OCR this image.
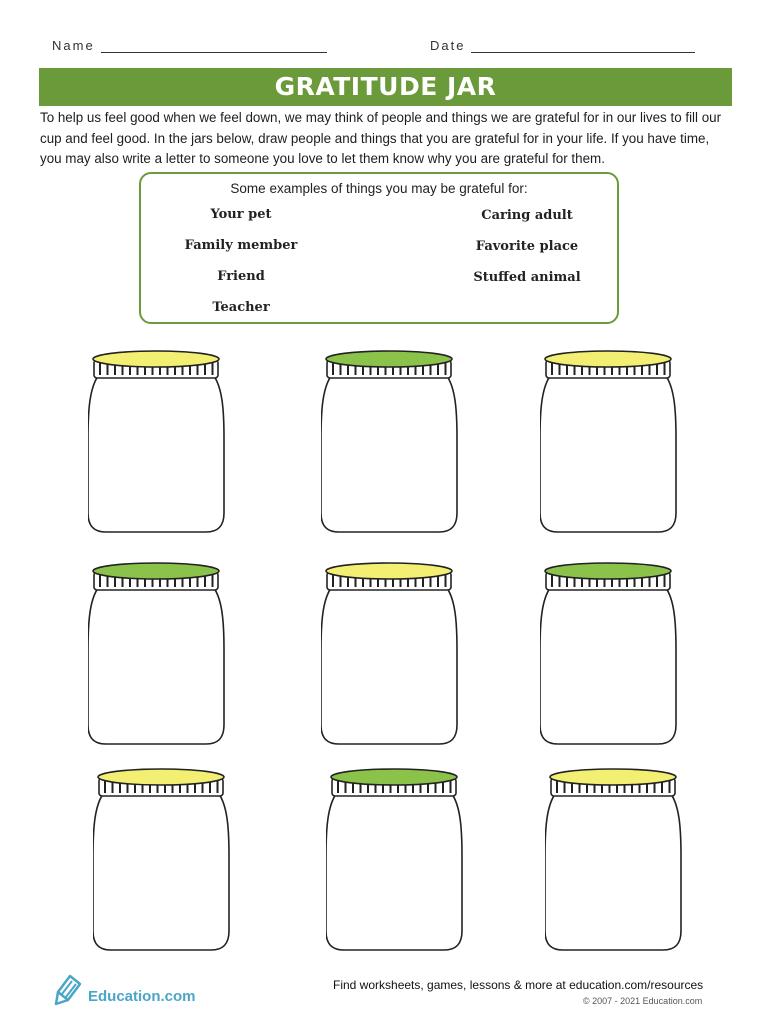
Name	Date
GRATITUDE JAR
To help us feel good when we feel down, we may think of people and things we are grateful for in our lives to fill our cup and feel good. In the jars below, draw people and things that you are grateful for in your life. If you have time, you may also write a letter to someone you love to let them know why you are grateful for them.
Some examples of things you may be grateful for:
Your pet
Family member
Friend
Teacher
Caring adult
Favorite place
Stuffed animal
Education.com
Find worksheets, games, lessons & more at education.com/resources
© 2007 - 2021 Education.com
